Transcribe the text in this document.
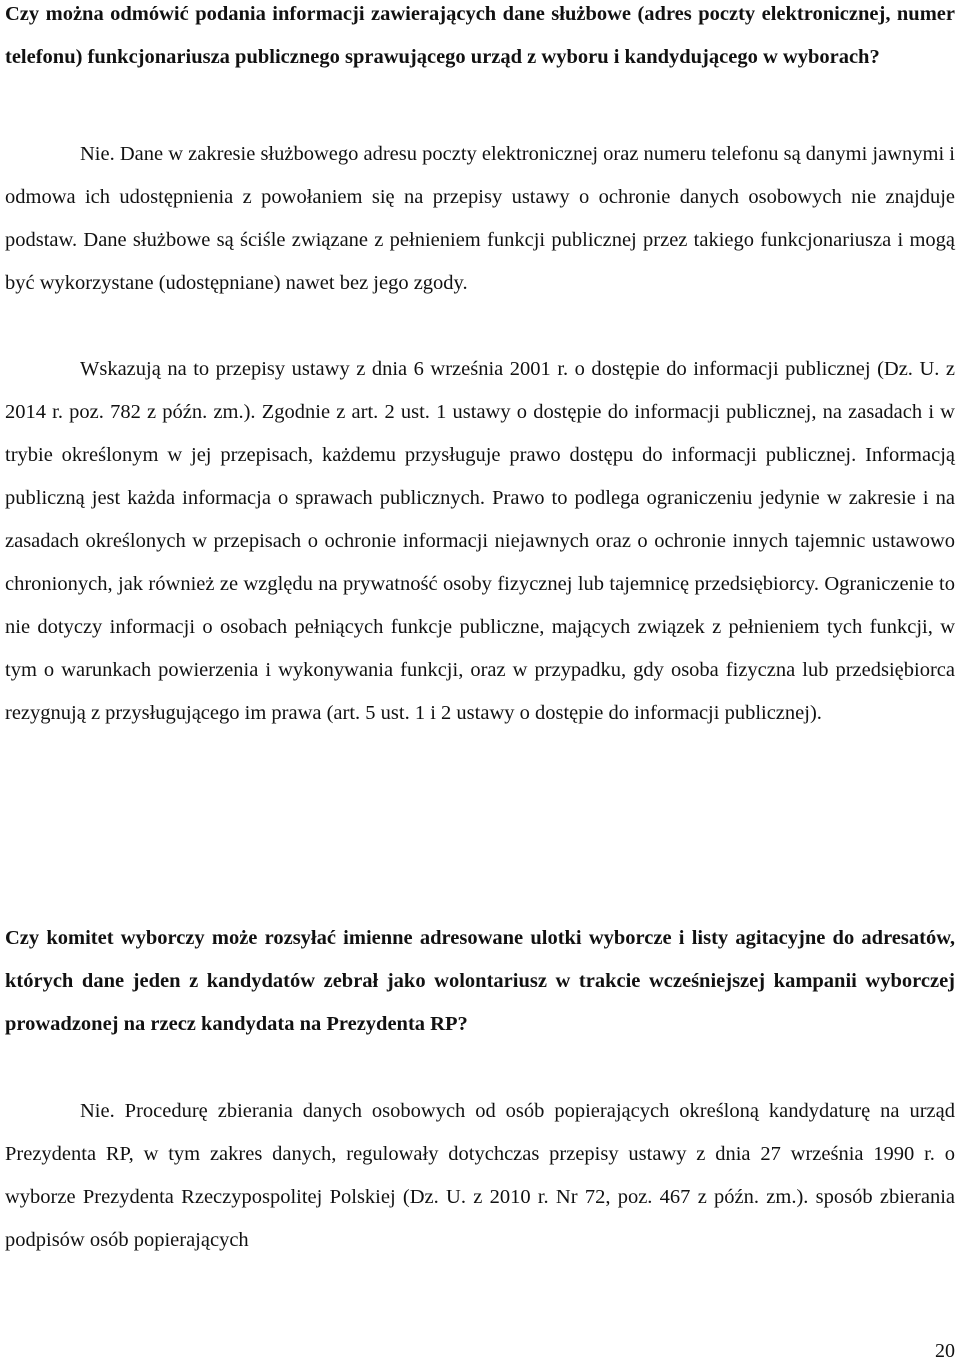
Czy można odmówić podania informacji zawierających dane służbowe (adres poczty elektronicznej, numer telefonu) funkcjonariusza publicznego sprawującego urząd z wyboru i kandydującego w wyborach?

Nie. Dane w zakresie służbowego adresu poczty elektronicznej oraz numeru telefonu są danymi jawnymi i odmowa ich udostępnienia z powołaniem się na przepisy ustawy o ochronie danych osobowych nie znajduje podstaw. Dane służbowe są ściśle związane z pełnieniem funkcji publicznej przez takiego funkcjonariusza i mogą być wykorzystane (udostępniane) nawet bez jego zgody.

Wskazują na to przepisy ustawy z dnia 6 września 2001 r. o dostępie do informacji publicznej (Dz. U. z 2014 r. poz. 782 z późn. zm.). Zgodnie z art. 2 ust. 1 ustawy o dostępie do informacji publicznej, na zasadach i w trybie określonym w jej przepisach, każdemu przysługuje prawo dostępu do informacji publicznej. Informacją publiczną jest każda informacja o sprawach publicznych. Prawo to podlega ograniczeniu jedynie w zakresie i na zasadach określonych w przepisach o ochronie informacji niejawnych oraz o ochronie innych tajemnic ustawowo chronionych, jak również ze względu na prywatność osoby fizycznej lub tajemnicę przedsiębiorcy. Ograniczenie to nie dotyczy informacji o osobach pełniących funkcje publiczne, mających związek z pełnieniem tych funkcji, w tym o warunkach powierzenia i wykonywania funkcji, oraz w przypadku, gdy osoba fizyczna lub przedsiębiorca rezygnują z przysługującego im prawa (art. 5 ust. 1 i 2 ustawy o dostępie do informacji publicznej).

Czy komitet wyborczy może rozsyłać imienne adresowane ulotki wyborcze i listy agitacyjne do adresatów, których dane jeden z kandydatów zebrał jako wolontariusz w trakcie wcześniejszej kampanii wyborczej prowadzonej na rzecz kandydata na Prezydenta RP?

Nie. Procedurę zbierania danych osobowych od osób popierających określoną kandydaturę na urząd Prezydenta RP, w tym zakres danych, regulowały dotychczas przepisy ustawy z dnia 27 września 1990 r. o wyborze Prezydenta Rzeczypospolitej Polskiej (Dz. U. z 2010 r. Nr 72, poz. 467 z późn. zm.). sposób zbierania podpisów osób popierających

20
